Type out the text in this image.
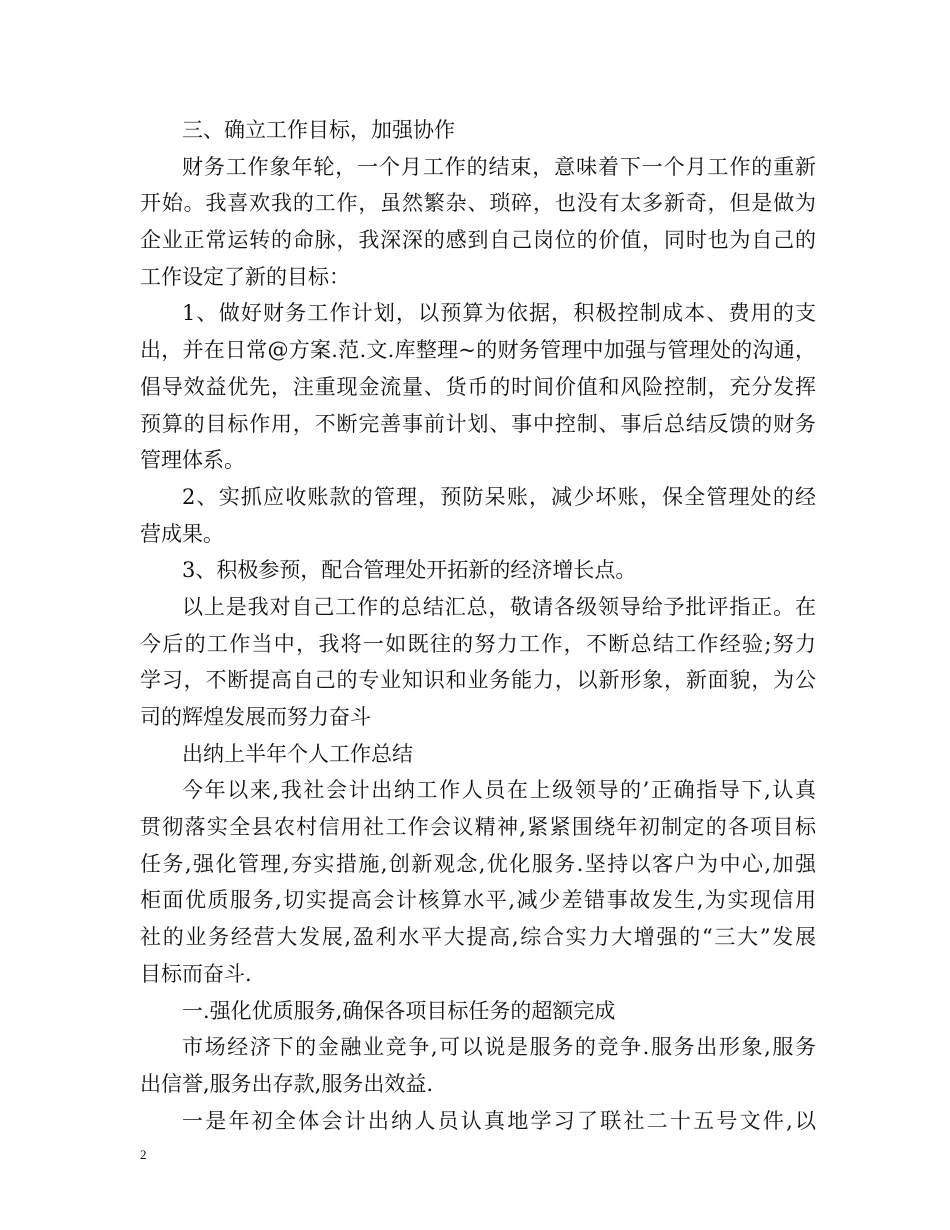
三、确立工作目标，加强协作
财务工作象年轮，一个月工作的结束，意味着下一个月工作的重新
开始。我喜欢我的工作，虽然繁杂、琐碎，也没有太多新奇，但是做为
企业正常运转的命脉，我深深的感到自己岗位的价值，同时也为自己的
工作设定了新的目标：
1、做好财务工作计划，以预算为依据，积极控制成本、费用的支
出，并在日常@方案.范.文.库整理~的财务管理中加强与管理处的沟通，
倡导效益优先，注重现金流量、货币的时间价值和风险控制，充分发挥
预算的目标作用，不断完善事前计划、事中控制、事后总结反馈的财务
管理体系。
2、实抓应收账款的管理，预防呆账，减少坏账，保全管理处的经
营成果。
3、积极参预，配合管理处开拓新的经济增长点。
以上是我对自己工作的总结汇总，敬请各级领导给予批评指正。在
今后的工作当中，我将一如既往的努力工作，不断总结工作经验;努力
学习，不断提高自己的专业知识和业务能力，以新形象，新面貌，为公
司的辉煌发展而努力奋斗
出纳上半年个人工作总结
今年以来,我社会计出纳工作人员在上级领导的’正确指导下,认真
贯彻落实全县农村信用社工作会议精神,紧紧围绕年初制定的各项目标
任务,强化管理,夯实措施,创新观念,优化服务.坚持以客户为中心,加强
柜面优质服务,切实提高会计核算水平,减少差错事故发生,为实现信用
社的业务经营大发展,盈利水平大提高,综合实力大增强的“三大”发展
目标而奋斗.
一.强化优质服务,确保各项目标任务的超额完成
市场经济下的金融业竞争,可以说是服务的竞争.服务出形象,服务
出信誉,服务出存款,服务出效益.
一是年初全体会计出纳人员认真地学习了联社二十五号文件,以
2
